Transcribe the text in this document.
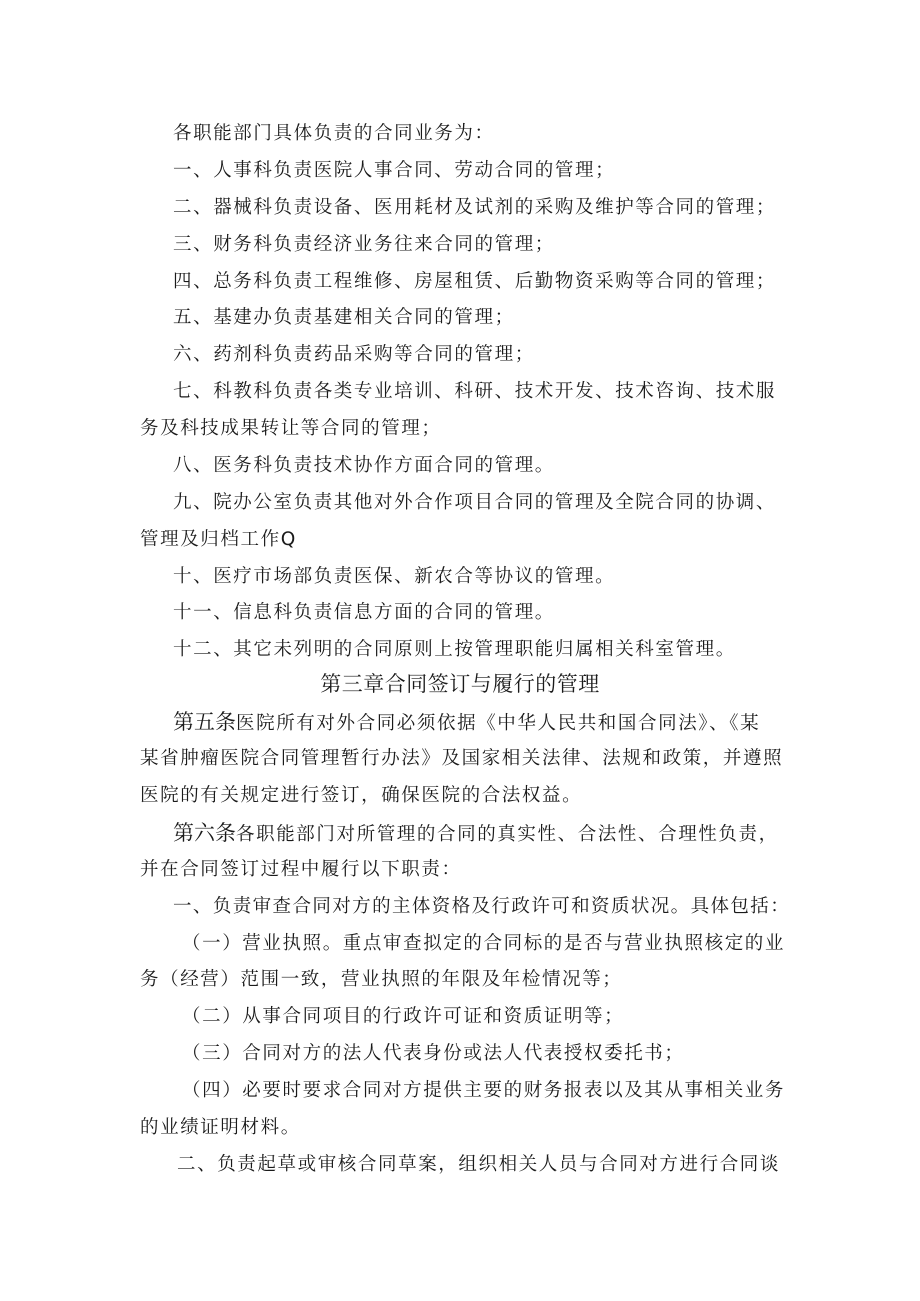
各职能部门具体负责的合同业务为：
一、人事科负责医院人事合同、劳动合同的管理；
二、器械科负责设备、医用耗材及试剂的采购及维护等合同的管理；
三、财务科负责经济业务往来合同的管理；
四、总务科负责工程维修、房屋租赁、后勤物资采购等合同的管理；
五、基建办负责基建相关合同的管理；
六、药剂科负责药品采购等合同的管理；
七、科教科负责各类专业培训、科研、技术开发、技术咨询、技术服
务及科技成果转让等合同的管理；
八、医务科负责技术协作方面合同的管理。
九、院办公室负责其他对外合作项目合同的管理及全院合同的协调、
管理及归档工作Q
十、医疗市场部负责医保、新农合等协议的管理。
十一、信息科负责信息方面的合同的管理。
十二、其它未列明的合同原则上按管理职能归属相关科室管理。
第三章合同签订与履行的管理
第五条医院所有对外合同必须依据《中华人民共和国合同法》、《某
某省肿瘤医院合同管理暂行办法》及国家相关法律、法规和政策，并遵照
医院的有关规定进行签订，确保医院的合法权益。
第六条各职能部门对所管理的合同的真实性、合法性、合理性负责，
并在合同签订过程中履行以下职责：
一、负责审查合同对方的主体资格及行政许可和资质状况。具体包括：
（一）营业执照。重点审查拟定的合同标的是否与营业执照核定的业
务（经营）范围一致，营业执照的年限及年检情况等；
（二）从事合同项目的行政许可证和资质证明等；
（三）合同对方的法人代表身份或法人代表授权委托书；
（四）必要时要求合同对方提供主要的财务报表以及其从事相关业务
的业绩证明材料。
二、负责起草或审核合同草案，组织相关人员与合同对方进行合同谈
